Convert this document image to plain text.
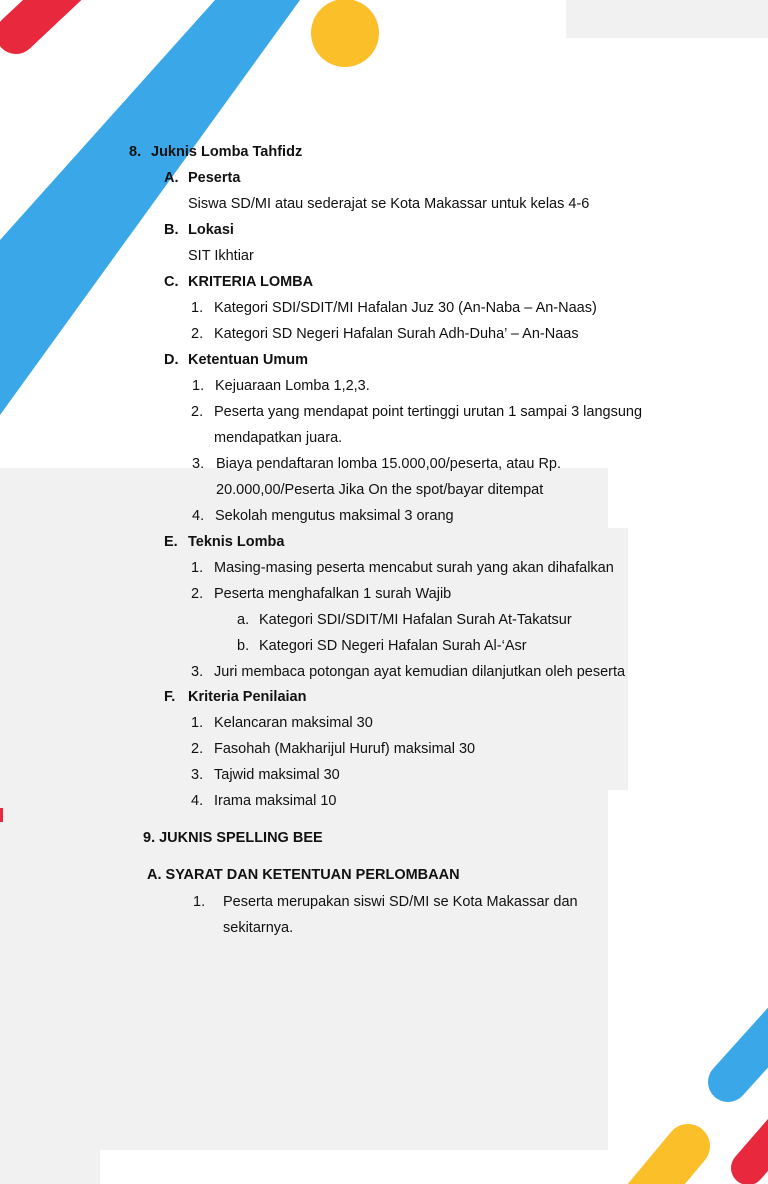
8. Juknis Lomba Tahfidz
A. Peserta
Siswa SD/MI atau sederajat se Kota Makassar untuk kelas 4-6
B. Lokasi
SIT Ikhtiar
C. KRITERIA LOMBA
1. Kategori SDI/SDIT/MI Hafalan Juz 30 (An-Naba – An-Naas)
2. Kategori SD Negeri Hafalan Surah Adh-Duha’ – An-Naas
D. Ketentuan Umum
1. Kejuaraan Lomba 1,2,3.
2. Peserta yang mendapat point tertinggi urutan 1 sampai 3 langsung
mendapatkan juara.
3. Biaya pendaftaran lomba 15.000,00/peserta, atau Rp.
20.000,00/Peserta Jika On the spot/bayar ditempat
4. Sekolah mengutus maksimal 3 orang
E. Teknis Lomba
1. Masing-masing peserta mencabut surah yang akan dihafalkan
2. Peserta menghafalkan 1 surah Wajib
a. Kategori SDI/SDIT/MI Hafalan Surah At-Takatsur
b. Kategori SD Negeri Hafalan Surah Al-‘Asr
3. Juri membaca potongan ayat kemudian dilanjutkan oleh peserta
F. Kriteria Penilaian
1. Kelancaran maksimal 30
2. Fasohah (Makharijul Huruf) maksimal 30
3. Tajwid maksimal 30
4. Irama maksimal 10
9. JUKNIS SPELLING BEE
A. SYARAT DAN KETENTUAN PERLOMBAAN
1. Peserta merupakan siswi SD/MI se Kota Makassar dan
sekitarnya.
